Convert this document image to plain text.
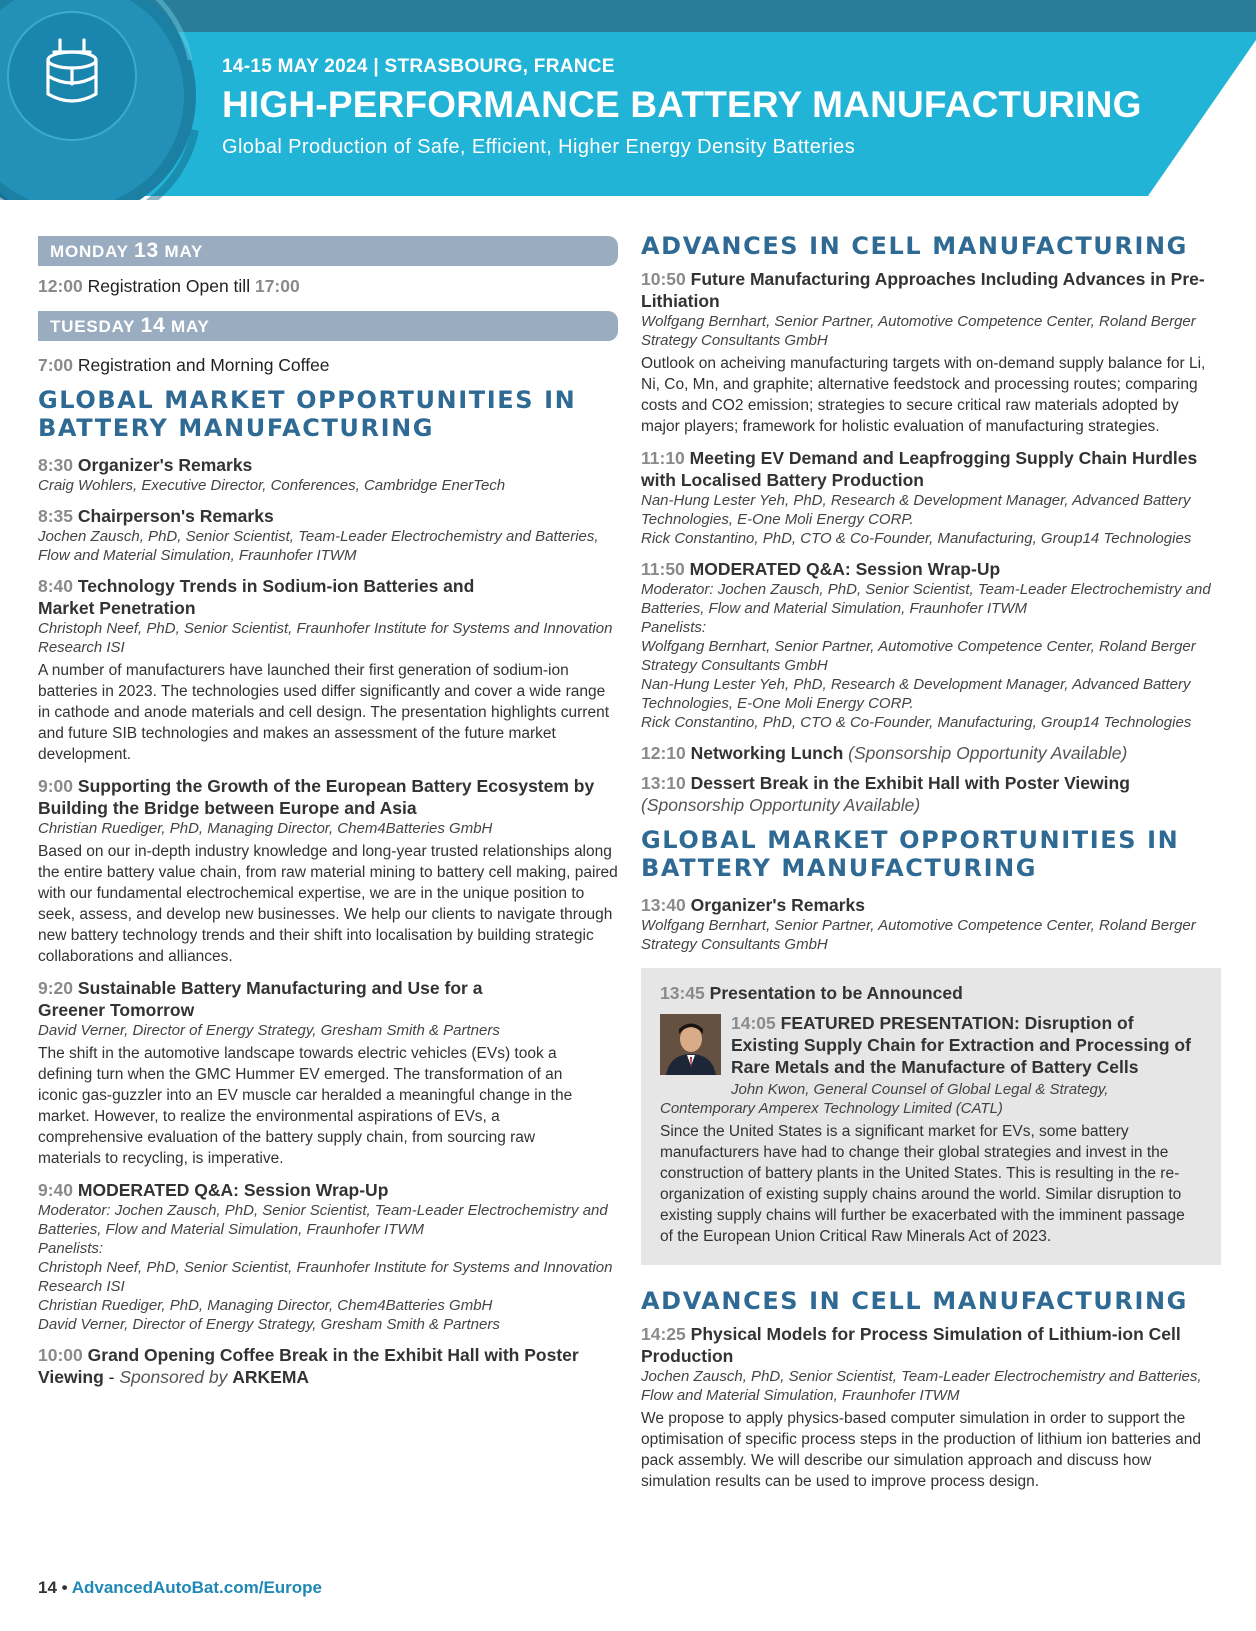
14-15 MAY 2024 | STRASBOURG, FRANCE
HIGH-PERFORMANCE BATTERY MANUFACTURING
Global Production of Safe, Efficient, Higher Energy Density Batteries
MONDAY 13 MAY
12:00 Registration Open till 17:00
TUESDAY 14 MAY
7:00 Registration and Morning Coffee
GLOBAL MARKET OPPORTUNITIES IN BATTERY MANUFACTURING
8:30 Organizer's Remarks
Craig Wohlers, Executive Director, Conferences, Cambridge EnerTech
8:35 Chairperson's Remarks
Jochen Zausch, PhD, Senior Scientist, Team-Leader Electrochemistry and Batteries, Flow and Material Simulation, Fraunhofer ITWM
8:40 Technology Trends in Sodium-ion Batteries and Market Penetration
Christoph Neef, PhD, Senior Scientist, Fraunhofer Institute for Systems and Innovation Research ISI
A number of manufacturers have launched their first generation of sodium-ion batteries in 2023. The technologies used differ significantly and cover a wide range in cathode and anode materials and cell design. The presentation highlights current and future SIB technologies and makes an assessment of the future market development.
9:00 Supporting the Growth of the European Battery Ecosystem by Building the Bridge between Europe and Asia
Christian Ruediger, PhD, Managing Director, Chem4Batteries GmbH
Based on our in-depth industry knowledge and long-year trusted relationships along the entire battery value chain, from raw material mining to battery cell making, paired with our fundamental electrochemical expertise, we are in the unique position to seek, assess, and develop new businesses. We help our clients to navigate through new battery technology trends and their shift into localisation by building strategic collaborations and alliances.
9:20 Sustainable Battery Manufacturing and Use for a Greener Tomorrow
David Verner, Director of Energy Strategy, Gresham Smith & Partners
The shift in the automotive landscape towards electric vehicles (EVs) took a defining turn when the GMC Hummer EV emerged. The transformation of an iconic gas-guzzler into an EV muscle car heralded a meaningful change in the market. However, to realize the environmental aspirations of EVs, a comprehensive evaluation of the battery supply chain, from sourcing raw materials to recycling, is imperative.
9:40 MODERATED Q&A: Session Wrap-Up
Moderator: Jochen Zausch, PhD, Senior Scientist, Team-Leader Electrochemistry and Batteries, Flow and Material Simulation, Fraunhofer ITWM
Panelists:
Christoph Neef, PhD, Senior Scientist, Fraunhofer Institute for Systems and Innovation Research ISI
Christian Ruediger, PhD, Managing Director, Chem4Batteries GmbH
David Verner, Director of Energy Strategy, Gresham Smith & Partners
10:00 Grand Opening Coffee Break in the Exhibit Hall with Poster Viewing - Sponsored by ARKEMA
ADVANCES IN CELL MANUFACTURING
10:50 Future Manufacturing Approaches Including Advances in Pre-Lithiation
Wolfgang Bernhart, Senior Partner, Automotive Competence Center, Roland Berger Strategy Consultants GmbH
Outlook on acheiving manufacturing targets with on-demand supply balance for Li, Ni, Co, Mn, and graphite; alternative feedstock and processing routes; comparing costs and CO2 emission; strategies to secure critical raw materials adopted by major players; framework for holistic evaluation of manufacturing strategies.
11:10 Meeting EV Demand and Leapfrogging Supply Chain Hurdles with Localised Battery Production
Nan-Hung Lester Yeh, PhD, Research & Development Manager, Advanced Battery Technologies, E-One Moli Energy CORP.
Rick Constantino, PhD, CTO & Co-Founder, Manufacturing, Group14 Technologies
11:50 MODERATED Q&A: Session Wrap-Up
Moderator: Jochen Zausch, PhD, Senior Scientist, Team-Leader Electrochemistry and Batteries, Flow and Material Simulation, Fraunhofer ITWM
Panelists:
Wolfgang Bernhart, Senior Partner, Automotive Competence Center, Roland Berger Strategy Consultants GmbH
Nan-Hung Lester Yeh, PhD, Research & Development Manager, Advanced Battery Technologies, E-One Moli Energy CORP.
Rick Constantino, PhD, CTO & Co-Founder, Manufacturing, Group14 Technologies
12:10 Networking Lunch (Sponsorship Opportunity Available)
13:10 Dessert Break in the Exhibit Hall with Poster Viewing
(Sponsorship Opportunity Available)
GLOBAL MARKET OPPORTUNITIES IN BATTERY MANUFACTURING
13:40 Organizer's Remarks
Wolfgang Bernhart, Senior Partner, Automotive Competence Center, Roland Berger Strategy Consultants GmbH
13:45 Presentation to be Announced
14:05 FEATURED PRESENTATION: Disruption of Existing Supply Chain for Extraction and Processing of Rare Metals and the Manufacture of Battery Cells
John Kwon, General Counsel of Global Legal & Strategy, Contemporary Amperex Technology Limited (CATL)
Since the United States is a significant market for EVs, some battery manufacturers have had to change their global strategies and invest in the construction of battery plants in the United States. This is resulting in the re-organization of existing supply chains around the world. Similar disruption to existing supply chains will further be exacerbated with the imminent passage of the European Union Critical Raw Minerals Act of 2023.
ADVANCES IN CELL MANUFACTURING
14:25 Physical Models for Process Simulation of Lithium-ion Cell Production
Jochen Zausch, PhD, Senior Scientist, Team-Leader Electrochemistry and Batteries, Flow and Material Simulation, Fraunhofer ITWM
We propose to apply physics-based computer simulation in order to support the optimisation of specific process steps in the production of lithium ion batteries and pack assembly. We will describe our simulation approach and discuss how simulation results can be used to improve process design.
14 • AdvancedAutoBat.com/Europe
